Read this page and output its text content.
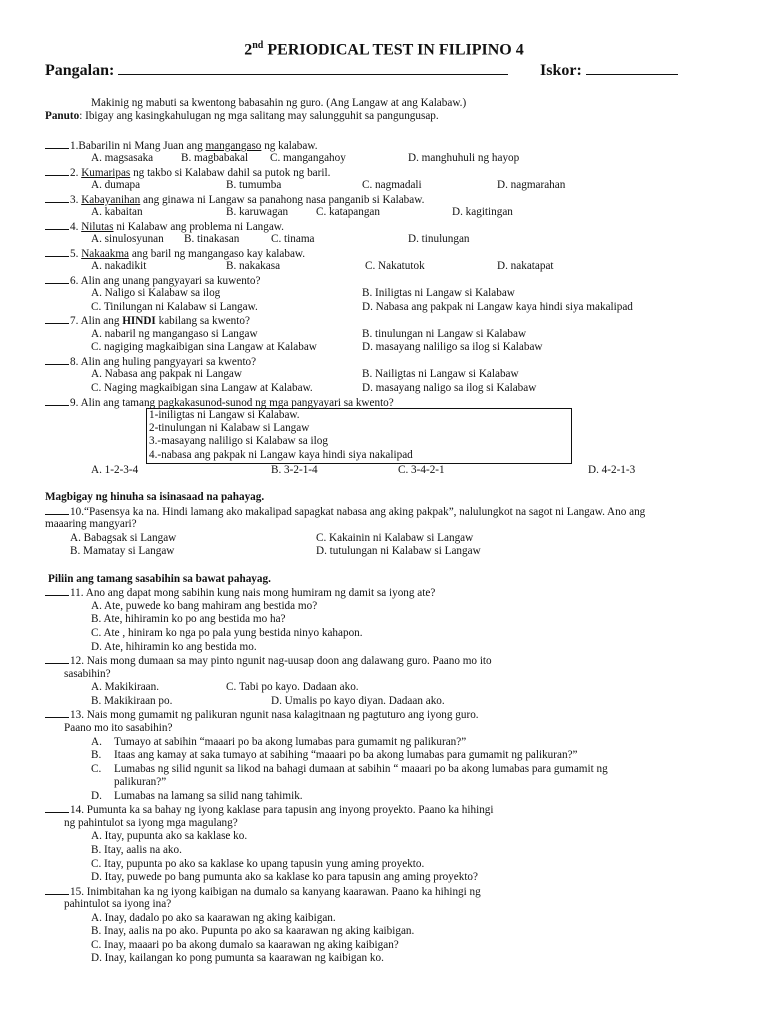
2nd PERIODICAL TEST IN FILIPINO 4
Pangalan:	Iskor:
Makinig ng mabuti sa kwentong babasahin ng guro. (Ang Langaw at ang Kalabaw.)
Panuto: Ibigay ang kasingkahulugan ng mga salitang may salungguhit sa pangungusap.
1.Babarilin ni Mang Juan ang mangangaso ng kalabaw.
A. magsasaka B. magbabakal C. mangangahoy	D. manghuhuli ng hayop
2. Kumaripas ng takbo si Kalabaw dahil sa putok ng baril.
A. dumapa	B. tumumba	C. nagmadali	D. nagmarahan
3. Kabayanihan ang ginawa ni Langaw sa panahong nasa panganib si Kalabaw.
A. kabaitan	B. karuwagan C. katapangan	D. kagitingan
4. Nilutas ni Kalabaw ang problema ni Langaw.
A. sinulosyunan B. tinakasan	C. tinama	D. tinulungan
5. Nakaakma ang baril ng mangangaso kay kalabaw.
A. nakadikit	B. nakakasa	C. Nakatutok	D. nakatapat
6. Alin ang unang pangyayari sa kuwento?
A. Naligo si Kalabaw sa ilog	B. Iniligtas ni Langaw si Kalabaw
C. Tinilungan ni Kalabaw si Langaw.	D. Nabasa ang pakpak ni Langaw kaya hindi siya makalipad
7. Alin ang HINDI kabilang sa kwento?
A. nabaril ng mangangaso si Langaw	B. tinulungan ni Langaw si Kalabaw
C. nagiging magkaibigan sina Langaw at Kalabaw	D. masayang naliligo sa ilog si Kalabaw
8. Alin ang huling pangyayari sa kwento?
A. Nabasa ang pakpak ni Langaw	B. Nailigtas ni Langaw si Kalabaw
C. Naging magkaibigan sina Langaw at Kalabaw.	D. masayang naligo sa ilog si Kalabaw
9. Alin ang tamang pagkakasunod-sunod ng mga pangyayari sa kwento?
1-iniligtas ni Langaw si Kalabaw.
2-tinulungan ni Kalabaw si Langaw
3.-masayang naliligo si Kalabaw sa ilog
4.-nabasa ang pakpak ni Langaw kaya hindi siya nakalipad
A. 1-2-3-4	B. 3-2-1-4	C. 3-4-2-1	D. 4-2-1-3
Magbigay ng hinuha sa isinasaad na pahayag.
10.“Pasensya ka na. Hindi lamang ako makalipad sapagkat nabasa ang aking pakpak”, nalulungkot na sagot ni Langaw. Ano ang
maaaring mangyari?
A. Babagsak si Langaw	C. Kakainin ni Kalabaw si Langaw
B. Mamatay si Langaw	D. tutulungan ni Kalabaw si Langaw
Piliin ang tamang sasabihin sa bawat pahayag.
11. Ano ang dapat mong sabihin kung nais mong humiram ng damit sa iyong ate?
A. Ate, puwede ko bang mahiram ang bestida mo?
B. Ate, hihiramin ko po ang bestida mo ha?
C. Ate , hiniram ko nga po pala yung bestida ninyo kahapon.
D. Ate, hihiramin ko ang bestida mo.
12. Nais mong dumaan sa may pinto ngunit nag-uusap doon ang dalawang guro. Paano mo ito
sasabihin?
A. Makikiraan.	C. Tabi po kayo. Dadaan ako.
B. Makikiraan po.	D. Umalis po kayo diyan. Dadaan ako.
13. Nais mong gumamit ng palikuran ngunit nasa kalagitnaan ng pagtuturo ang iyong guro.
Paano mo ito sasabihin?
A. Tumayo at sabihin “maaari po ba akong lumabas para gumamit ng palikuran?”
B. Itaas ang kamay at saka tumayo at sabihing “maaari po ba akong lumabas para gumamit ng palikuran?”
C. Lumabas ng silid ngunit sa likod na bahagi dumaan at sabihin “ maaari po ba akong lumabas para gumamit ng
palikuran?”
D. Lumabas na lamang sa silid nang tahimik.
14. Pumunta ka sa bahay ng iyong kaklase para tapusin ang inyong proyekto. Paano ka hihingi
ng pahintulot sa iyong mga magulang?
A. Itay, pupunta ako sa kaklase ko.
B. Itay, aalis na ako.
C. Itay, pupunta po ako sa kaklase ko upang tapusin yung aming proyekto.
D. Itay, puwede po bang pumunta ako sa kaklase ko para tapusin ang aming proyekto?
15. Inimbitahan ka ng iyong kaibigan na dumalo sa kanyang kaarawan. Paano ka hihingi ng
pahintulot sa iyong ina?
A. Inay, dadalo po ako sa kaarawan ng aking kaibigan.
B. Inay, aalis na po ako. Pupunta po ako sa kaarawan ng aking kaibigan.
C. Inay, maaari po ba akong dumalo sa kaarawan ng aking kaibigan?
D. Inay, kailangan ko pong pumunta sa kaarawan ng kaibigan ko.
